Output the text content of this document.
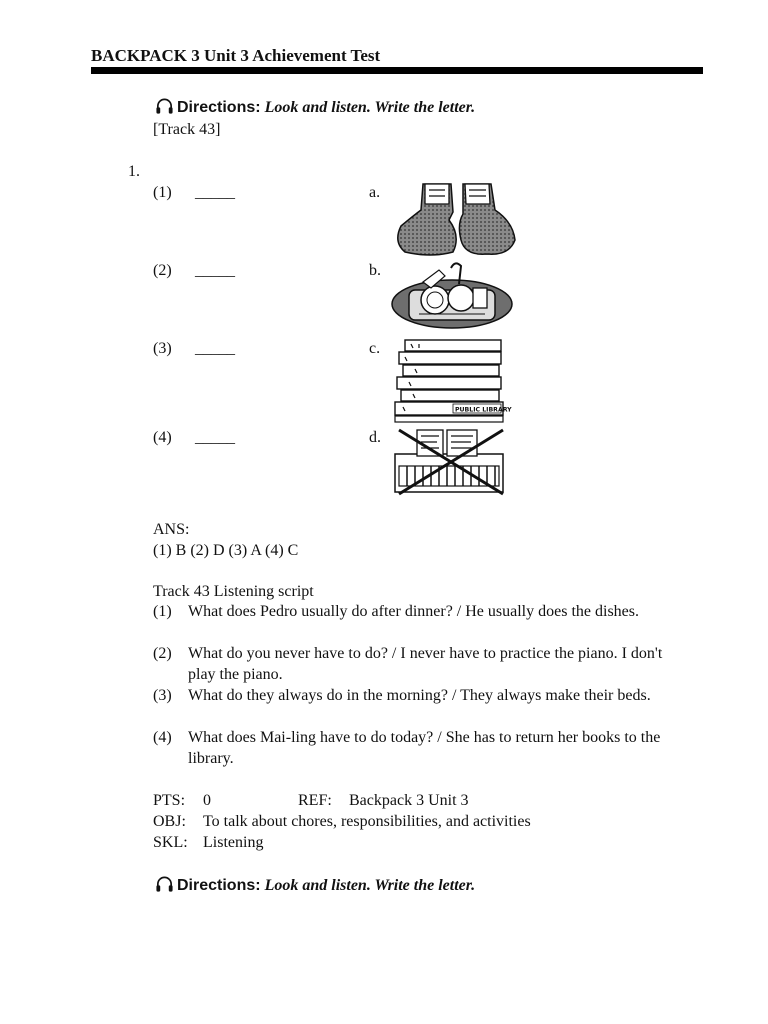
BACKPACK 3 Unit 3 Achievement Test
Directions: Look and listen. Write the letter.
[Track 43]
1.
(1) _____	a.
(2) _____	b.
(3) _____	c.
(4) _____	d.
PUBLIC LIBRARY
ANS:
(1) B (2) D (3) A (4) C
Track 43 Listening script
(1) What does Pedro usually do after dinner? / He usually does the dishes.
(2) What do you never have to do? / I never have to practice the piano. I don't play the piano.
(3) What do they always do in the morning? / They always make their beds.
(4) What does Mai-ling have to do today? / She has to return her books to the library.
PTS: 0	REF: Backpack 3 Unit 3
OBJ: To talk about chores, responsibilities, and activities
SKL: Listening
Directions: Look and listen. Write the letter.
